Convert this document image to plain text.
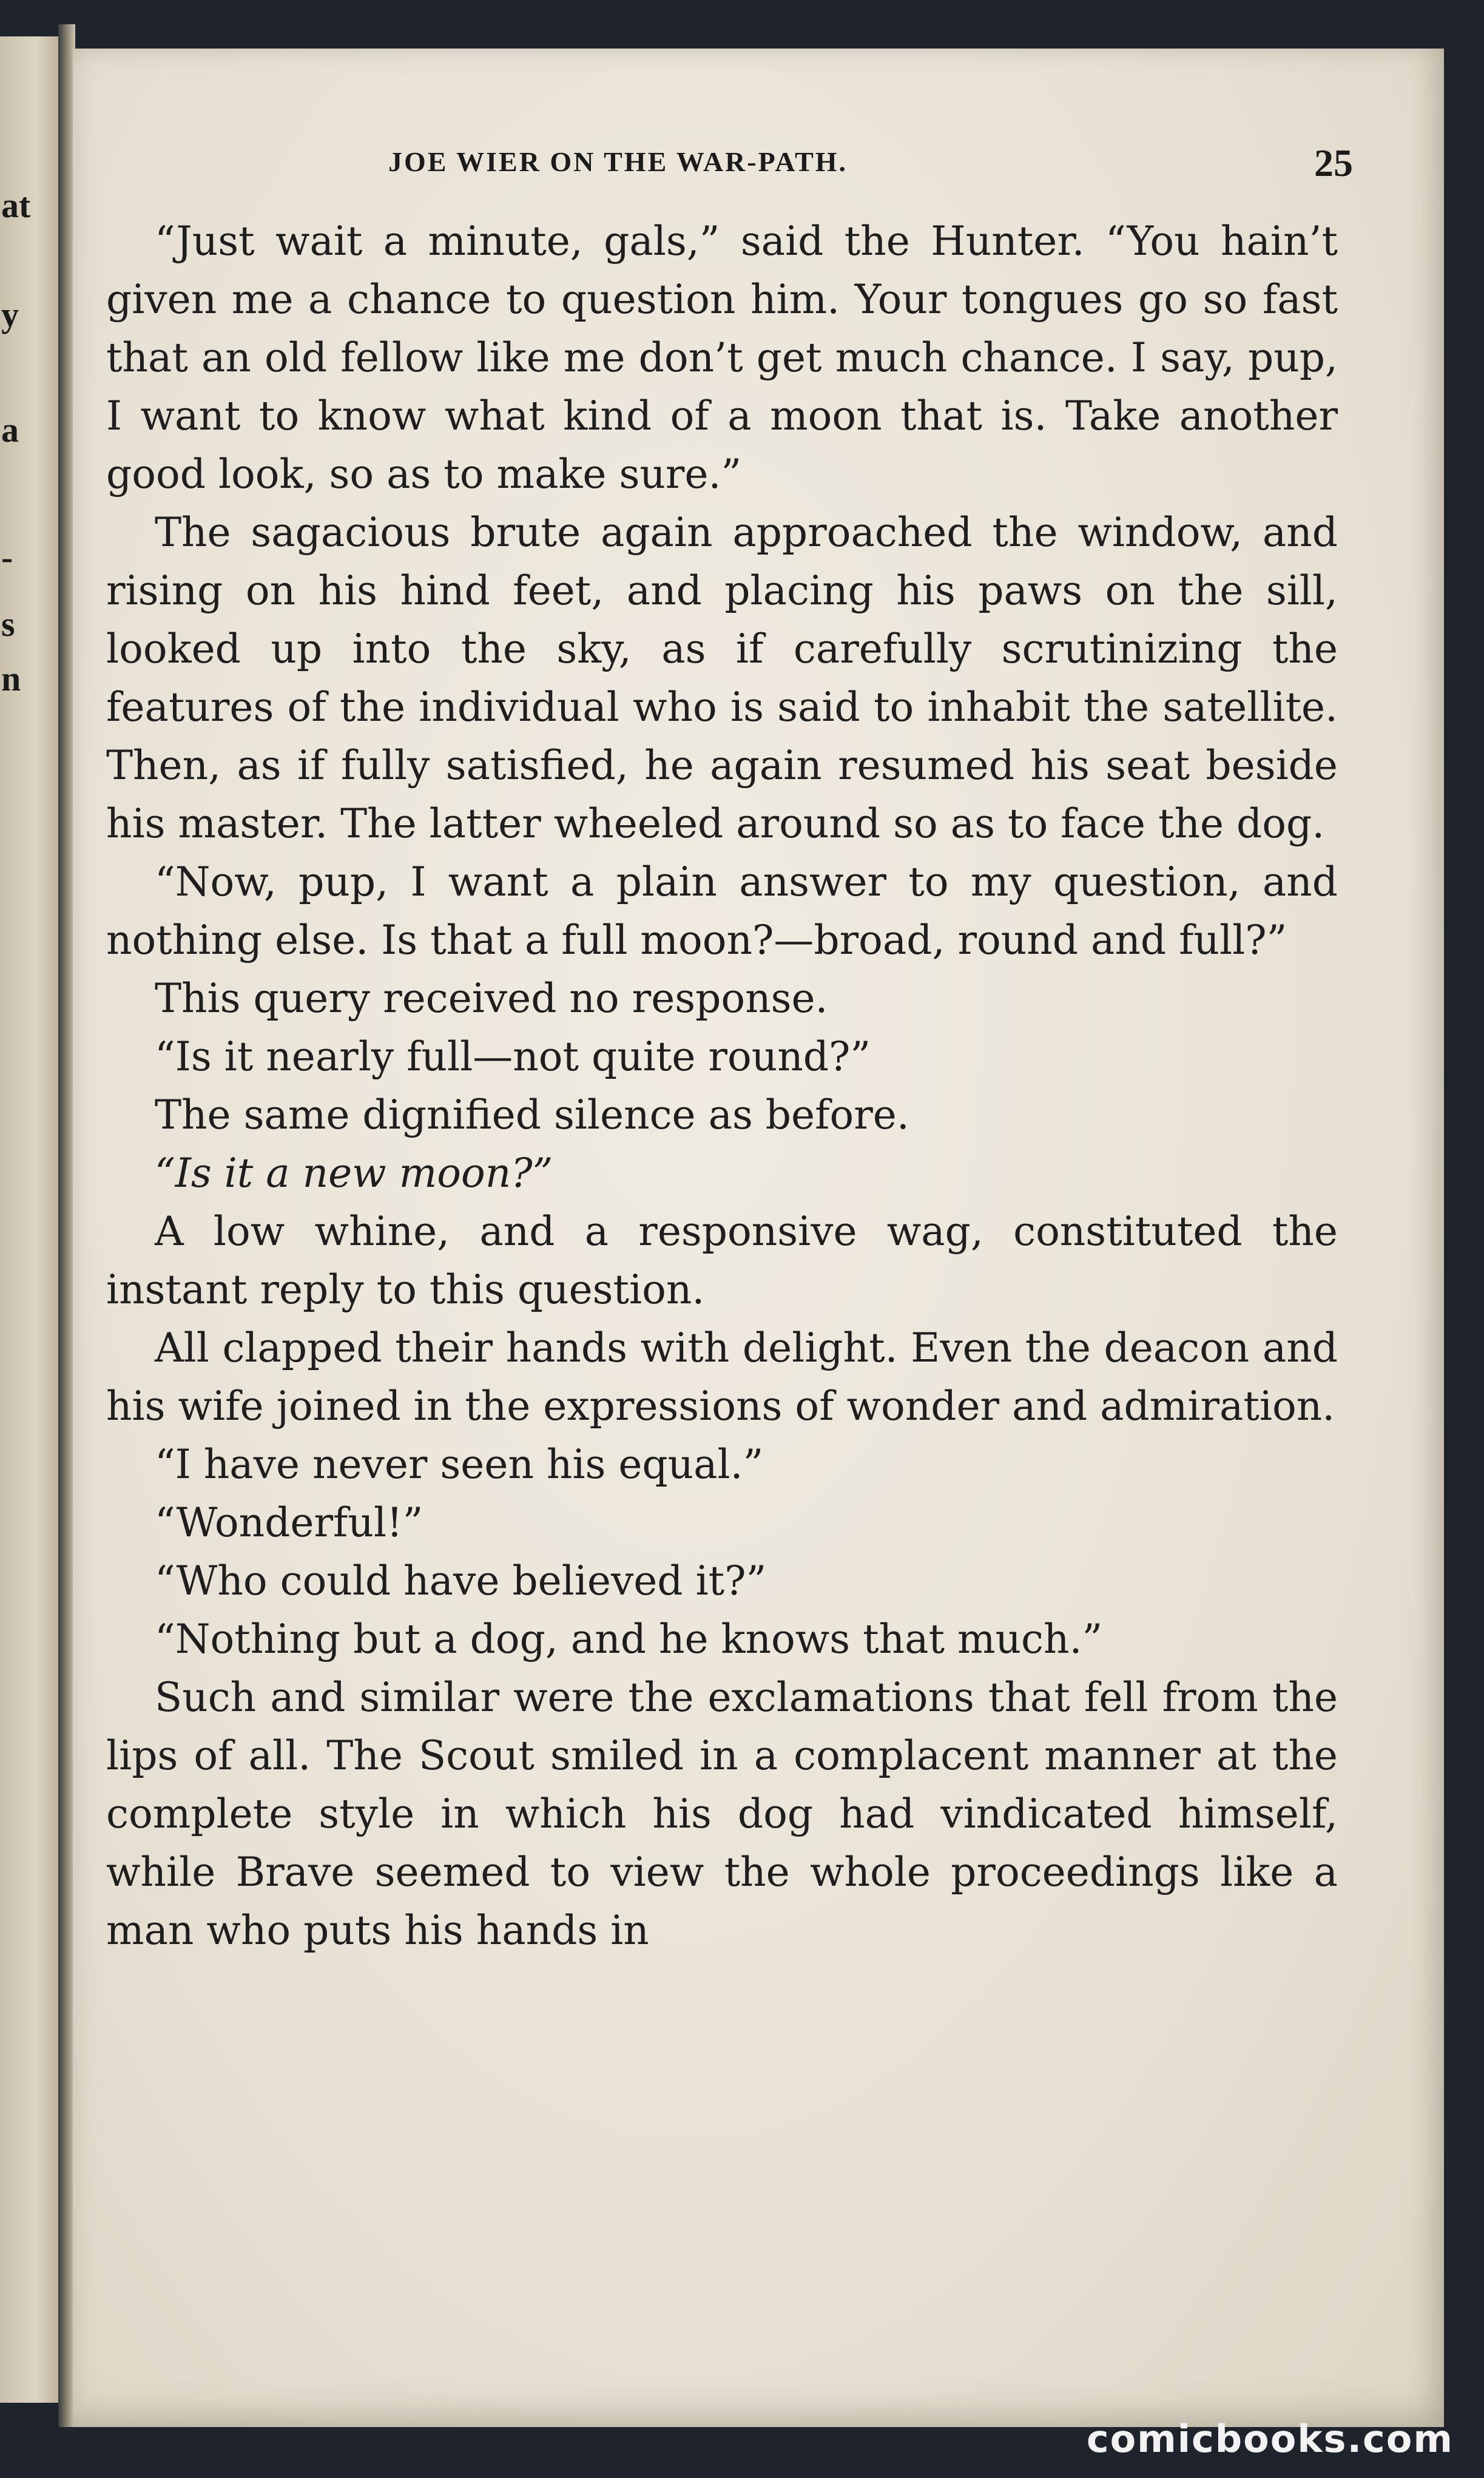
at
y
a
-
s
n
JOE WIER ON THE WAR-PATH.	25

“Just wait a minute, gals,” said the Hunter. “You hain’t given me a chance to question him. Your tongues go so fast that an old fellow like me don’t get much chance. I say, pup, I want to know what kind of a moon that is. Take another good look, so as to make sure.”

The sagacious brute again approached the window, and rising on his hind feet, and placing his paws on the sill, looked up into the sky, as if carefully scrutinizing the features of the individual who is said to inhabit the satellite. Then, as if fully satisfied, he again resumed his seat beside his master. The latter wheeled around so as to face the dog.

“Now, pup, I want a plain answer to my question, and nothing else. Is that a full moon?—broad, round and full?”

This query received no response.

“Is it nearly full—not quite round?”

The same dignified silence as before.

“Is it a new moon?”

A low whine, and a responsive wag, constituted the instant reply to this question.

All clapped their hands with delight. Even the deacon and his wife joined in the expressions of wonder and admiration.

“I have never seen his equal.”

“Wonderful!”

“Who could have believed it?”

“Nothing but a dog, and he knows that much.”

Such and similar were the exclamations that fell from the lips of all. The Scout smiled in a complacent manner at the complete style in which his dog had vindicated himself, while Brave seemed to view the whole proceedings like a man who puts his hands in

comicbooks.com
